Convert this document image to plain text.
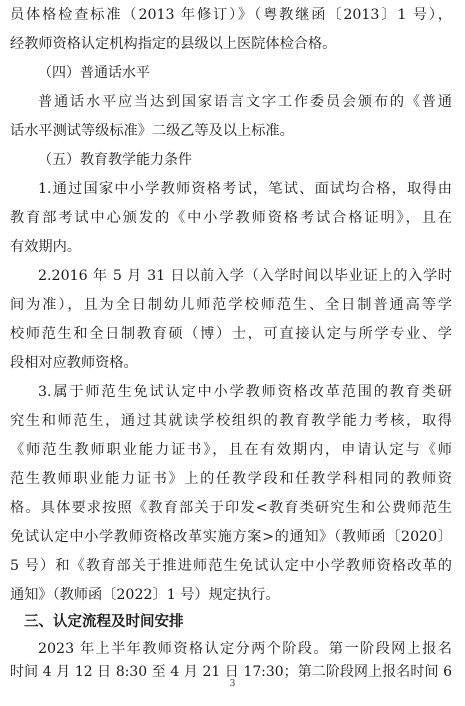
员体格检查标准（2013 年修订）》（粤教继函〔2013〕1 号），
经教师资格认定机构指定的县级以上医院体检合格。
（四）普通话水平
普通话水平应当达到国家语言文字工作委员会颁布的《普通
话水平测试等级标准》二级乙等及以上标准。
（五）教育教学能力条件
1.通过国家中小学教师资格考试，笔试、面试均合格，取得由
教育部考试中心颁发的《中小学教师资格考试合格证明》，且在
有效期内。
2.2016 年 5 月 31 日以前入学（入学时间以毕业证上的入学时
间为准），且为全日制幼儿师范学校师范生、全日制普通高等学
校师范生和全日制教育硕（博）士，可直接认定与所学专业、学
段相对应教师资格。
3.属于师范生免试认定中小学教师资格改革范围的教育类研
究生和师范生，通过其就读学校组织的教育教学能力考核，取得
《师范生教师职业能力证书》，且在有效期内，申请认定与《师
范生教师职业能力证书》上的任教学段和任教学科相同的教师资
格。具体要求按照《教育部关于印发<教育类研究生和公费师范生
免试认定中小学教师资格改革实施方案>的通知》（教师函〔2020〕
5 号）和《教育部关于推进师范生免试认定中小学教师资格改革的
通知》（教师函〔2022〕1 号）规定执行。
三、认定流程及时间安排
2023 年上半年教师资格认定分两个阶段。第一阶段网上报名
时间 4 月 12 日 8:30 至 4 月 21 日 17:30；第二阶段网上报名时间 6
3
